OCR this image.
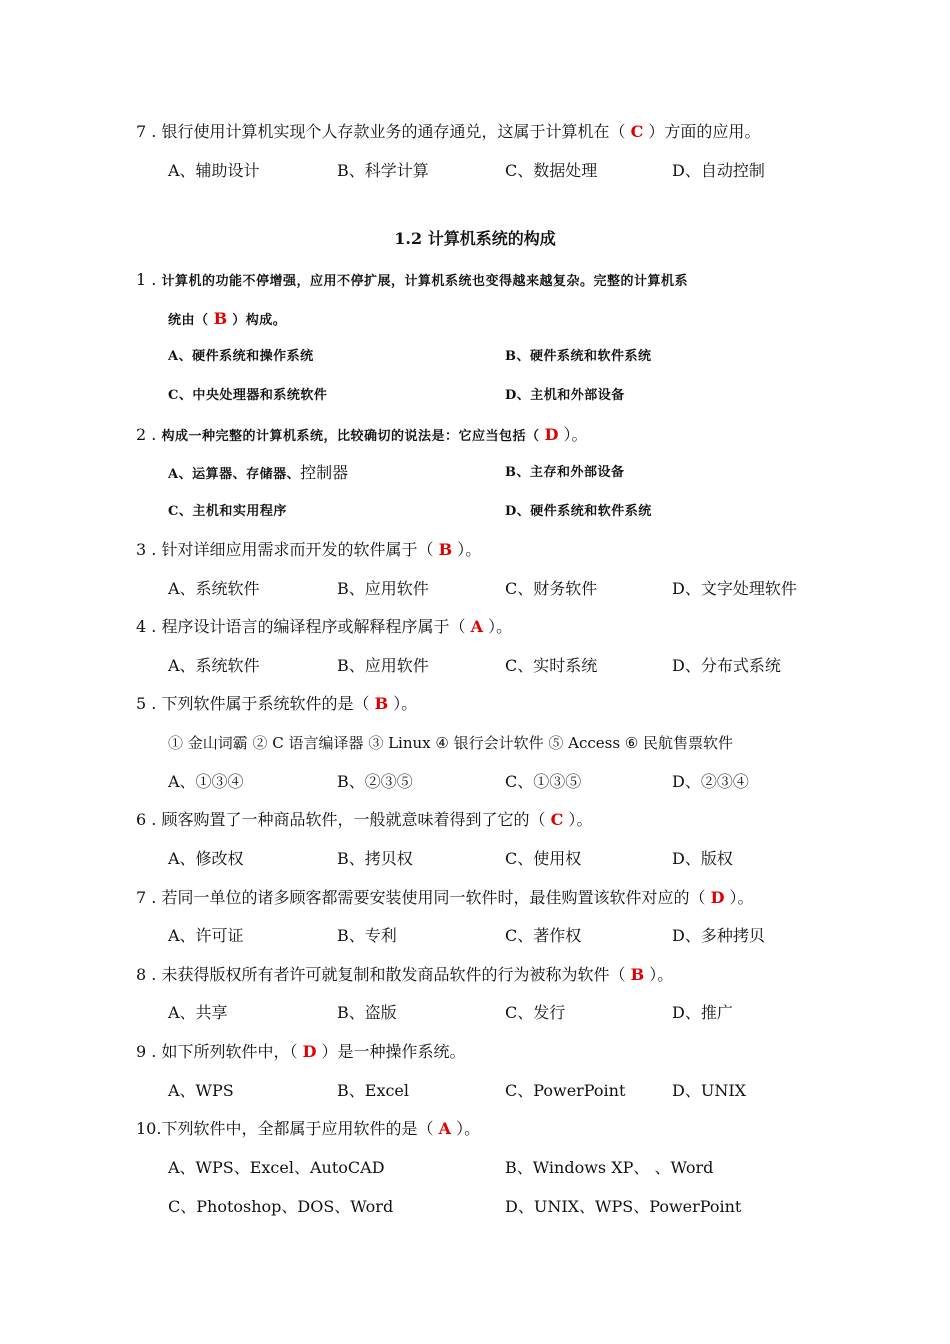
7 . 银行使用计算机实现个人存款业务的通存通兑，这属于计算机在（ C ）方面的应用。
A、辅助设计	B、科学计算	C、数据处理	D、自动控制
1.2 计算机系统的构成
1 . 计算机的功能不停增强，应用不停扩展，计算机系统也变得越来越复杂。完整的计算机系
统由（ B ）构成。
A、硬件系统和操作系统	B、硬件系统和软件系统
C、中央处理器和系统软件	D、主机和外部设备
2 . 构成一种完整的计算机系统，比较确切的说法是：它应当包括（ D ）。
A、运算器、存储器、控制器	B、主存和外部设备
C、主机和实用程序	D、硬件系统和软件系统
3 . 针对详细应用需求而开发的软件属于（ B ）。
A、系统软件	B、应用软件	C、财务软件	D、文字处理软件
4 . 程序设计语言的编译程序或解释程序属于（ A ）。
A、系统软件	B、应用软件	C、实时系统	D、分布式系统
5 . 下列软件属于系统软件的是（ B ）。
① 金山词霸 ② C 语言编译器 ③ Linux ④ 银行会计软件 ⑤ Access ⑥ 民航售票软件
A、①③④	B、②③⑤	C、①③⑤	D、②③④
6 . 顾客购置了一种商品软件，一般就意味着得到了它的（ C ）。
A、修改权	B、拷贝权	C、使用权	D、版权
7 . 若同一单位的诸多顾客都需要安装使用同一软件时，最佳购置该软件对应的（ D ）。
A、许可证	B、专利	C、著作权	D、多种拷贝
8 . 未获得版权所有者许可就复制和散发商品软件的行为被称为软件（ B ）。
A、共享	B、盗版	C、发行	D、推广
9 . 如下所列软件中，（ D ）是一种操作系统。
A、WPS	B、Excel	C、PowerPoint	D、UNIX
10.下列软件中，全都属于应用软件的是（ A ）。
A、WPS、Excel、AutoCAD	B、Windows XP、 、Word
C、Photoshop、DOS、Word	D、UNIX、WPS、PowerPoint
